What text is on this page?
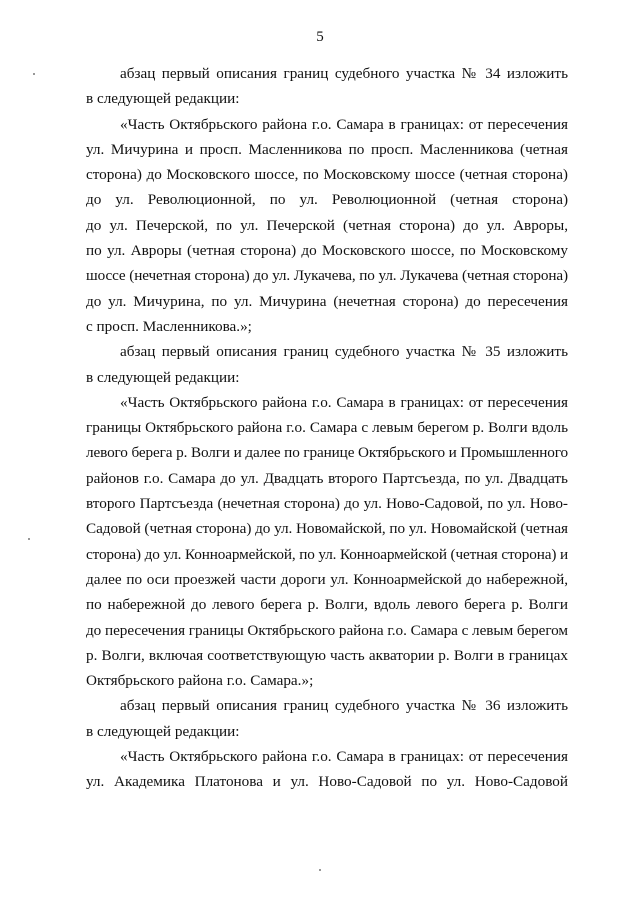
5
абзац первый описания границ судебного участка № 34 изложить
в следующей редакции:
«Часть Октябрьского района г.о. Самара в границах: от пересечения
ул. Мичурина и просп. Масленникова по просп. Масленникова (четная
сторона) до Московского шоссе, по Московскому шоссе (четная сторона)
до ул. Революционной, по ул. Революционной (четная сторона)
до ул. Печерской, по ул. Печерской (четная сторона) до ул. Авроры,
по ул. Авроры (четная сторона) до Московского шоссе, по Московскому
шоссе (нечетная сторона) до ул. Лукачева, по ул. Лукачева (четная сторона)
до ул. Мичурина, по ул. Мичурина (нечетная сторона) до пересечения
с просп. Масленникова.»;
абзац первый описания границ судебного участка № 35 изложить
в следующей редакции:
«Часть Октябрьского района г.о. Самара в границах: от пересечения
границы Октябрьского района г.о. Самара с левым берегом р. Волги вдоль
левого берега р. Волги и далее по границе Октябрьского и Промышленного
районов г.о. Самара до ул. Двадцать второго Партсъезда, по ул. Двадцать
второго Партсъезда (нечетная сторона) до ул. Ново-Садовой, по ул. Ново-
Садовой (четная сторона) до ул. Новомайской, по ул. Новомайской (четная
сторона) до ул. Конноармейской, по ул. Конноармейской (четная сторона) и
далее по оси проезжей части дороги ул. Конноармейской до набережной,
по набережной до левого берега р. Волги, вдоль левого берега р. Волги
до пересечения границы Октябрьского района г.о. Самара с левым берегом
р. Волги, включая соответствующую часть акватории р. Волги в границах
Октябрьского района г.о. Самара.»;
абзац первый описания границ судебного участка № 36 изложить
в следующей редакции:
«Часть Октябрьского района г.о. Самара в границах: от пересечения
ул. Академика Платонова и ул. Ново-Садовой по ул. Ново-Садовой
